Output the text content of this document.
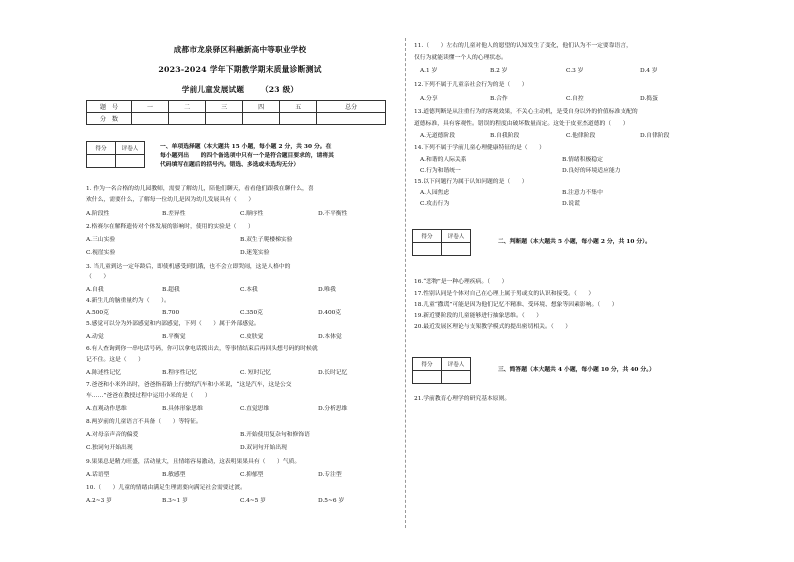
成都市龙泉驿区科融新高中等职业学校
2023-2024 学年下期教学期末质量诊断测试
学前儿童发展试题 （23 级）
题　号	一	二	三	四	五	总分
分　数						
得分	评卷人
		一、单项选择题（本大题共 15 小题，每小题 2 分，共 30 分。在
每小题列出　　的四个备选项中只有一个是符合题目要求的，请将其
代码填写在题后的括号内。错选、多选或未选均无分）
1. 作为一名合格的幼儿园教师，需要了解幼儿，陪他们聊天，看看他们跟我在聊什么，喜
欢什么，需要什么，了解每一位幼儿是因为幼儿发展具有（　　）
A.阶段性	B.差异性	C.顺序性	D.不平衡性
2.格赛尔在解释遗传对个体发展的影响时，使用的实验是（　　）
A.三山实验	B.双生子爬楼梯实验
C.视崖实验	D.迷笼实验
3. 当儿童到达一定年龄后，即使机感受到饥饿，也不会立即哭闹，这是人格中的
（　　）
A.自我	B.超我	C.本我	D.唯我
4.新生儿的脑重量约为（　　）。
A.500克	B.700	C.350克	D.400克
5.感觉可以分为外部感觉和内部感觉，下列（　　）属于外部感觉。
A.动觉	B.平衡觉	C.皮肤觉	D.本体觉
6.有人查询到你一串电话号码，你可以拿电话拨出去，等事情结束后再回头想号码的时候就
记不住。这是（　　）
A.陈述性记忆	B.程序性记忆	C. 短时记忆	D.长时记忆
7.爸爸和小米外出时，爸爸指着路上行驶的汽车和小米说，“这是汽车，这是公交
车……”爸爸在教授过程中运用小米的是（　　）
A.直观动作思维	B.具体形象思维	C.直觉思维	D.分析思维
8.两岁前的儿童语言不具备（　　）等特征。
A.对母亲声音的偏爱	B.开始使用复杂句和修饰语
C.独词句开始出现	D.双词句开始出现
9.果果总是精力旺盛，活动量大，且情绪容易激动，这表明果果具有（　　）气质。
A.话语型	B.敏感型	C.抑郁型	D.专注型
10.（　　）儿童的情绪由满足生理需要向满足社会需要过渡。
A.2~3 岁	B.3~1 岁	C.4~5 岁	D.5~6 岁
11.（　　）左右的儿童对他人的愿望的认知发生了变化，他们认为不一定要靠语言，
仅行为就能读懂一个人的心理状态。
A.1 岁	B.2 岁	C.3 岁	D.4 岁
12.下列不属于儿童亲社会行为的是（　　）
A.分享	B.合作	C.自控	D.捣蛋
13.道德判断是从注重行为的客观效果，不关心主动机，是受自身以外的价值标准支配的
道德标准，具有客观性。错误的程度由破坏数量而定。这处于皮亚杰道德的（　　）
A.无道德阶段	B.自我阶段	C.他律阶段	D.自律阶段
14.下列不属于学前儿童心理健康特征的是（　　）
A.和谐的人际关系	B.情绪积极稳定
C.行为和谐统一	D.良好的环境适应能力
15.以下问题行为属于认知问题的是（　　）
A.人园焦虑	B.注意力不集中
C.攻击行为	D.说谎
得分	评卷人

二、判断题（本大题共 5 小题，每小题 2 分，共 10 分）。
16.“恋物”是一种心理疾病。（　　）
17.性别认同是个体对自己在心理上属于男或女的认识和接受。（　　）
18.儿童“撒谎”可能是因为他们记忆不精准、受环境、想象等因素影响。（　　）
19.新近婴阶段的儿童能够进行抽象思维。（　　）
20.最近发展区理论与支架教学模式的提出密切相关。（　　）
得分	评卷人

三、简答题（本大题共 4 小题，每小题 10 分，共 40 分。）
21.学前教育心理学的研究基本原则。
